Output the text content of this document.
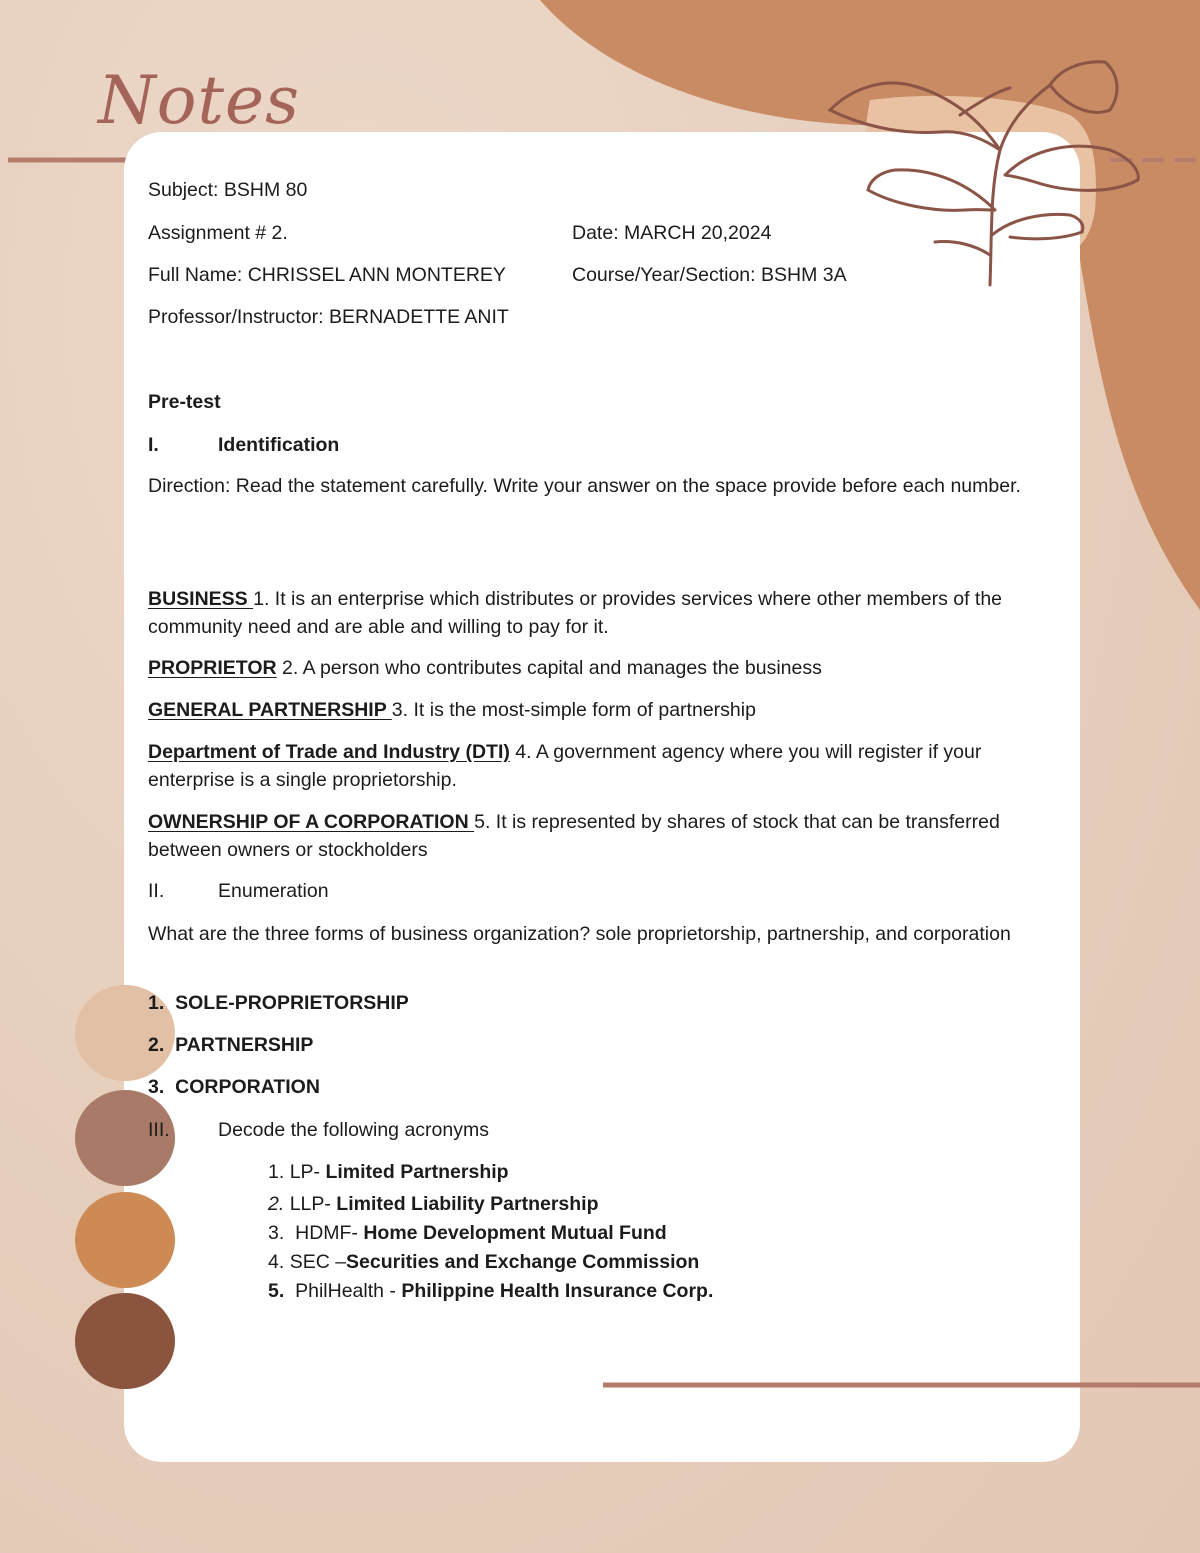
Notes
Subject: BSHM 80
Assignment # 2.	Date: MARCH 20,2024
Full Name: CHRISSEL ANN MONTEREY	Course/Year/Section: BSHM 3A
Professor/Instructor: BERNADETTE ANIT
Pre-test
I.	Identification
Direction: Read the statement carefully. Write your answer on the space provide before each number.
BUSINESS 1. It is an enterprise which distributes or provides services where other members of the community need and are able and willing to pay for it.
PROPRIETOR 2. A person who contributes capital and manages the business
GENERAL PARTNERSHIP 3. It is the most-simple form of partnership
Department of Trade and Industry (DTI) 4. A government agency where you will register if your enterprise is a single proprietorship.
OWNERSHIP OF A CORPORATION 5. It is represented by shares of stock that can be transferred between owners or stockholders
II.	Enumeration
What are the three forms of business organization? sole proprietorship, partnership, and corporation
1. SOLE-PROPRIETORSHIP
2. PARTNERSHIP
3. CORPORATION
III. Decode the following acronyms
1. LP- Limited Partnership
2. LLP- Limited Liability Partnership
3.  HDMF- Home Development Mutual Fund
4. SEC –Securities and Exchange Commission
5.  PhilHealth - Philippine Health Insurance Corp.
